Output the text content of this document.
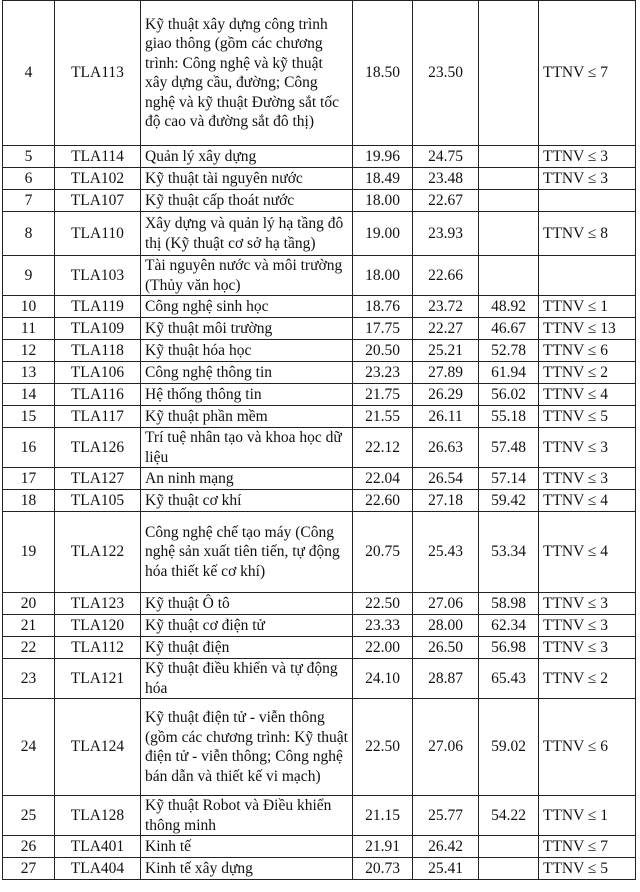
4	TLA113	Kỹ thuật xây dựng công trình giao thông (gồm các chương trình: Công nghệ và kỹ thuật xây dựng cầu, đường; Công nghệ và kỹ thuật Đường sắt tốc độ cao và đường sắt đô thị)	18.50	23.50		TTNV ≤ 7
5	TLA114	Quản lý xây dựng	19.96	24.75		TTNV ≤ 3
6	TLA102	Kỹ thuật tài nguyên nước	18.49	23.48		TTNV ≤ 3
7	TLA107	Kỹ thuật cấp thoát nước	18.00	22.67		
8	TLA110	Xây dựng và quản lý hạ tầng đô thị (Kỹ thuật cơ sở hạ tầng)	19.00	23.93		TTNV ≤ 8
9	TLA103	Tài nguyên nước và môi trường (Thủy văn học)	18.00	22.66		
10	TLA119	Công nghệ sinh học	18.76	23.72	48.92	TTNV ≤ 1
11	TLA109	Kỹ thuật môi trường	17.75	22.27	46.67	TTNV ≤ 13
12	TLA118	Kỹ thuật hóa học	20.50	25.21	52.78	TTNV ≤ 6
13	TLA106	Công nghệ thông tin	23.23	27.89	61.94	TTNV ≤ 2
14	TLA116	Hệ thống thông tin	21.75	26.29	56.02	TTNV ≤ 4
15	TLA117	Kỹ thuật phần mềm	21.55	26.11	55.18	TTNV ≤ 5
16	TLA126	Trí tuệ nhân tạo và khoa học dữ liệu	22.12	26.63	57.48	TTNV ≤ 3
17	TLA127	An ninh mạng	22.04	26.54	57.14	TTNV ≤ 3
18	TLA105	Kỹ thuật cơ khí	22.60	27.18	59.42	TTNV ≤ 4
19	TLA122	Công nghệ chế tạo máy (Công nghệ sản xuất tiên tiến, tự động hóa thiết kế cơ khí)	20.75	25.43	53.34	TTNV ≤ 4
20	TLA123	Kỹ thuật Ô tô	22.50	27.06	58.98	TTNV ≤ 3
21	TLA120	Kỹ thuật cơ điện tử	23.33	28.00	62.34	TTNV ≤ 3
22	TLA112	Kỹ thuật điện	22.00	26.50	56.98	TTNV ≤ 3
23	TLA121	Kỹ thuật điều khiển và tự động hóa	24.10	28.87	65.43	TTNV ≤ 2
24	TLA124	Kỹ thuật điện tử - viễn thông (gồm các chương trình: Kỹ thuật điện tử - viễn thông; Công nghệ bán dẫn và thiết kế vi mạch)	22.50	27.06	59.02	TTNV ≤ 6
25	TLA128	Kỹ thuật Robot và Điều khiển thông minh	21.15	25.77	54.22	TTNV ≤ 1
26	TLA401	Kinh tế	21.91	26.42		TTNV ≤ 7
27	TLA404	Kinh tế xây dựng	20.73	25.41		TTNV ≤ 5
